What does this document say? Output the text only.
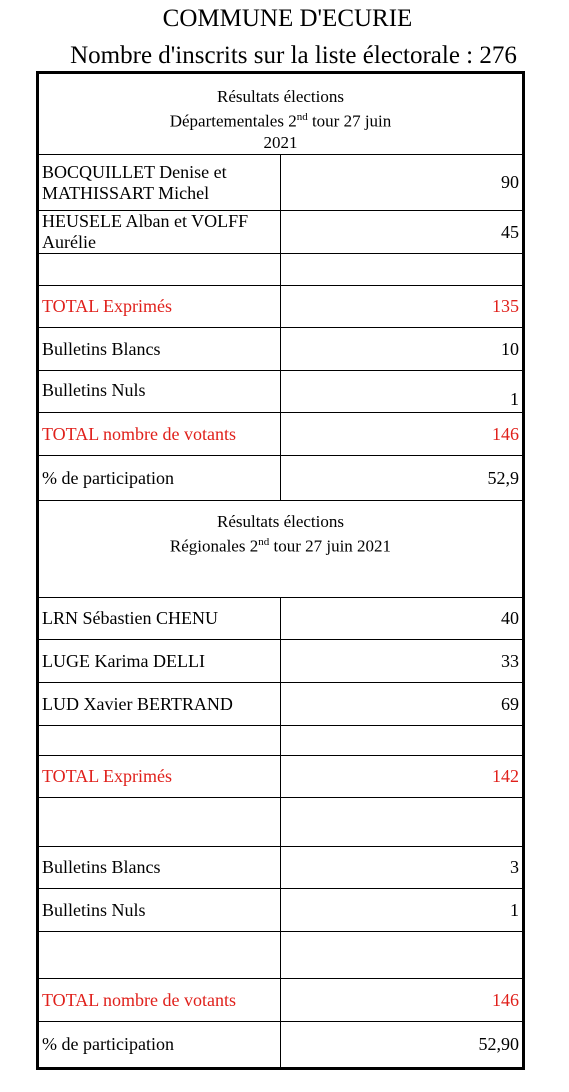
COMMUNE D'ECURIE
Nombre d'inscrits sur la liste électorale : 276
Résultats élections
Départementales 2nd tour 27 juin
2021	

BOCQUILLET Denise et MATHISSART Michel	90
HEUSELE Alban et VOLFF Aurélie	45

TOTAL Exprimés	135
Bulletins Blancs	10
Bulletins Nuls	1
TOTAL nombre de votants	146
% de participation	52,9

Résultats élections
Régionales 2nd tour 27 juin 2021	

LRN Sébastien CHENU	40
LUGE Karima DELLI	33
LUD Xavier BERTRAND	69

TOTAL Exprimés	142

Bulletins Blancs	3
Bulletins Nuls	1

TOTAL nombre de votants	146
% de participation	52,90
